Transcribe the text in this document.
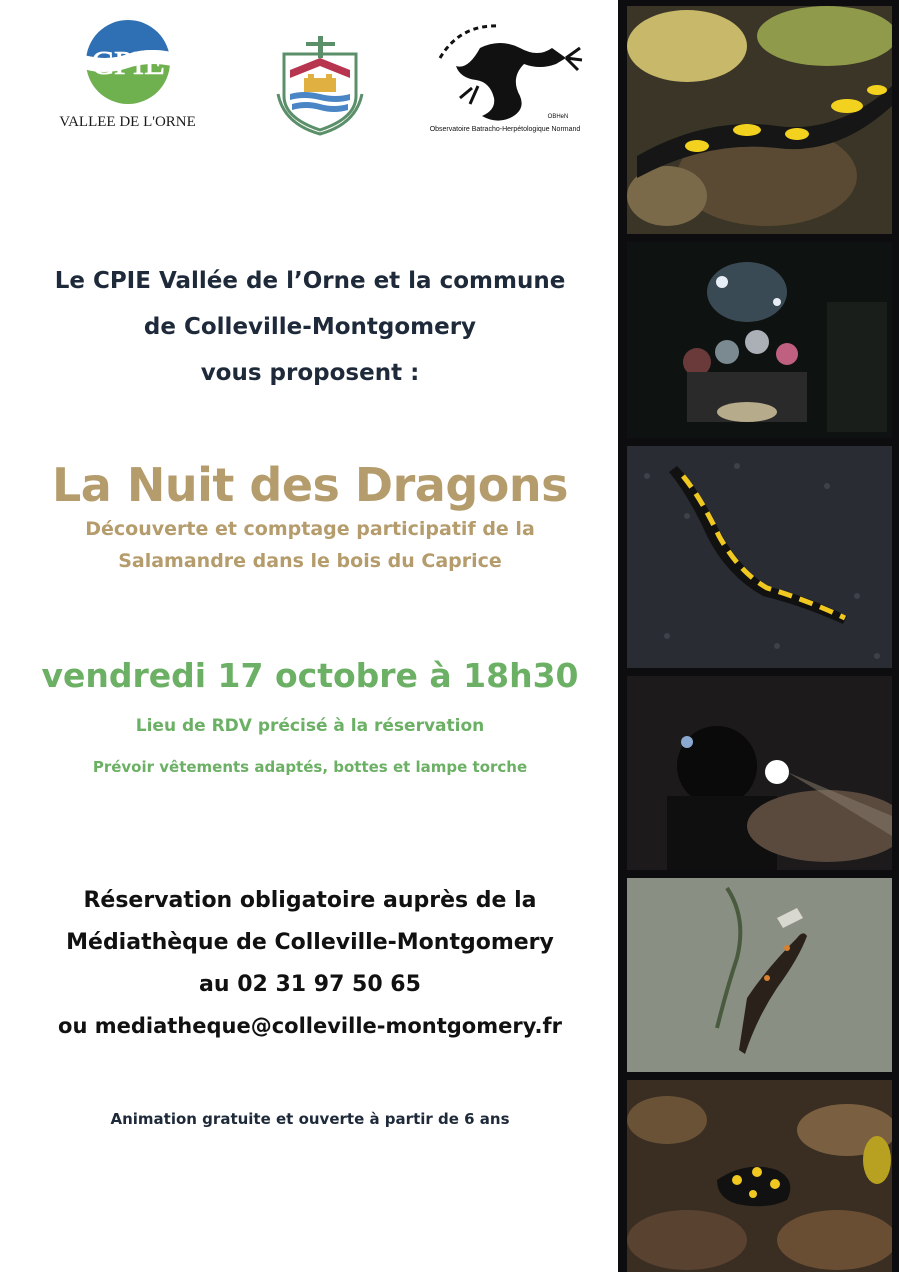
CPIE
VALLEE DE L'ORNE	Observatoire Batracho-Herpétologique Normand
OBHeN
Le CPIE Vallée de l’Orne et la commune
de Colleville-Montgomery
vous proposent :
La Nuit des Dragons
Découverte et comptage participatif de la
Salamandre dans le bois du Caprice
vendredi 17 octobre à 18h30
Lieu de RDV précisé à la réservation
Prévoir vêtements adaptés, bottes et lampe torche
Réservation obligatoire auprès de la
Médiathèque de Colleville-Montgomery
au 02 31 97 50 65
ou mediatheque@colleville-montgomery.fr
Animation gratuite et ouverte à partir de 6 ans
